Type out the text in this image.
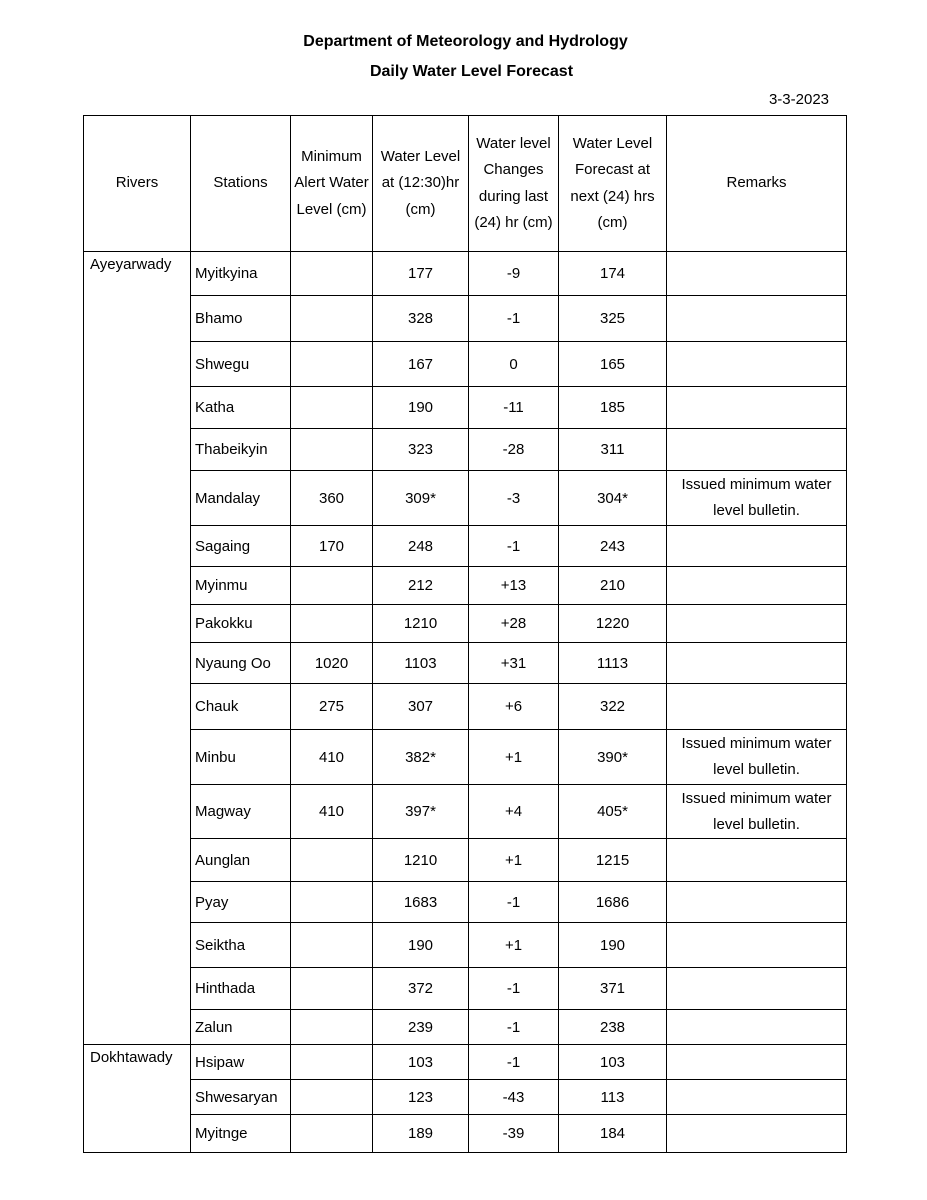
Department of Meteorology and Hydrology
Daily Water Level Forecast
3-3-2023
Rivers	Stations	Minimum Alert Water Level (cm)	Water Level at (12:30)hr (cm)	Water level Changes during last (24) hr (cm)	Water Level Forecast at next (24) hrs (cm)	Remarks
Ayeyarwady	Myitkyina		177	-9	174	
	Bhamo		328	-1	325	
	Shwegu		167	0	165	
	Katha		190	-11	185	
	Thabeikyin		323	-28	311	
	Mandalay	360	309*	-3	304*	Issued minimum water level bulletin.
	Sagaing	170	248	-1	243	
	Myinmu		212	+13	210	
	Pakokku		1210	+28	1220	
	Nyaung Oo	1020	1103	+31	1113	
	Chauk	275	307	+6	322	
	Minbu	410	382*	+1	390*	Issued minimum water level bulletin.
	Magway	410	397*	+4	405*	Issued minimum water level bulletin.
	Aunglan		1210	+1	1215	
	Pyay		1683	-1	1686	
	Seiktha		190	+1	190	
	Hinthada		372	-1	371	
	Zalun		239	-1	238	
Dokhtawady	Hsipaw		103	-1	103	
	Shwesaryan		123	-43	113	
	Myitnge		189	-39	184	
